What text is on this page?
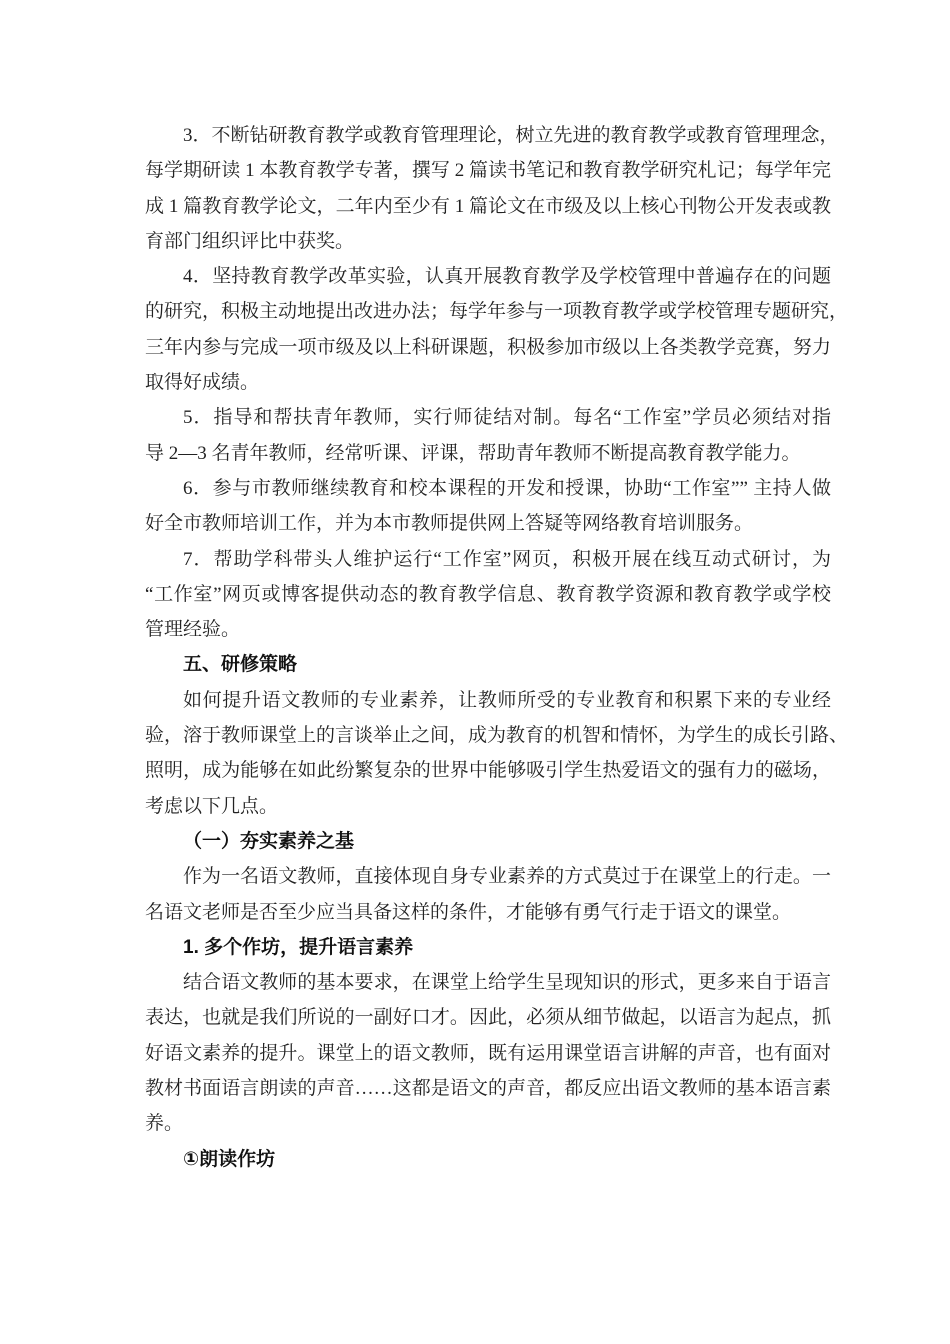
3．不断钻研教育教学或教育管理理论，树立先进的教育教学或教育管理理念，
每学期研读 1 本教育教学专著，撰写 2 篇读书笔记和教育教学研究札记；每学年完
成 1 篇教育教学论文，二年内至少有 1 篇论文在市级及以上核心刊物公开发表或教
育部门组织评比中获奖。
4．坚持教育教学改革实验，认真开展教育教学及学校管理中普遍存在的问题
的研究，积极主动地提出改进办法；每学年参与一项教育教学或学校管理专题研究，
三年内参与完成一项市级及以上科研课题，积极参加市级以上各类教学竞赛，努力
取得好成绩。
5．指导和帮扶青年教师，实行师徒结对制。每名“工作室”学员必须结对指
导 2—3 名青年教师，经常听课、评课，帮助青年教师不断提高教育教学能力。
6．参与市教师继续教育和校本课程的开发和授课，协助“工作室”” 主持人做
好全市教师培训工作，并为本市教师提供网上答疑等网络教育培训服务。
7．帮助学科带头人维护运行“工作室”网页，积极开展在线互动式研讨，为
“工作室”网页或博客提供动态的教育教学信息、教育教学资源和教育教学或学校
管理经验。
五、研修策略
如何提升语文教师的专业素养，让教师所受的专业教育和积累下来的专业经
验，溶于教师课堂上的言谈举止之间，成为教育的机智和情怀，为学生的成长引路、
照明，成为能够在如此纷繁复杂的世界中能够吸引学生热爱语文的强有力的磁场，
考虑以下几点。
（一）夯实素养之基
作为一名语文教师，直接体现自身专业素养的方式莫过于在课堂上的行走。一
名语文老师是否至少应当具备这样的条件，才能够有勇气行走于语文的课堂。
1. 多个作坊，提升语言素养
结合语文教师的基本要求，在课堂上给学生呈现知识的形式，更多来自于语言
表达，也就是我们所说的一副好口才。因此，必须从细节做起，以语言为起点，抓
好语文素养的提升。课堂上的语文教师，既有运用课堂语言讲解的声音，也有面对
教材书面语言朗读的声音……这都是语文的声音，都反应出语文教师的基本语言素
养。
①朗读作坊
